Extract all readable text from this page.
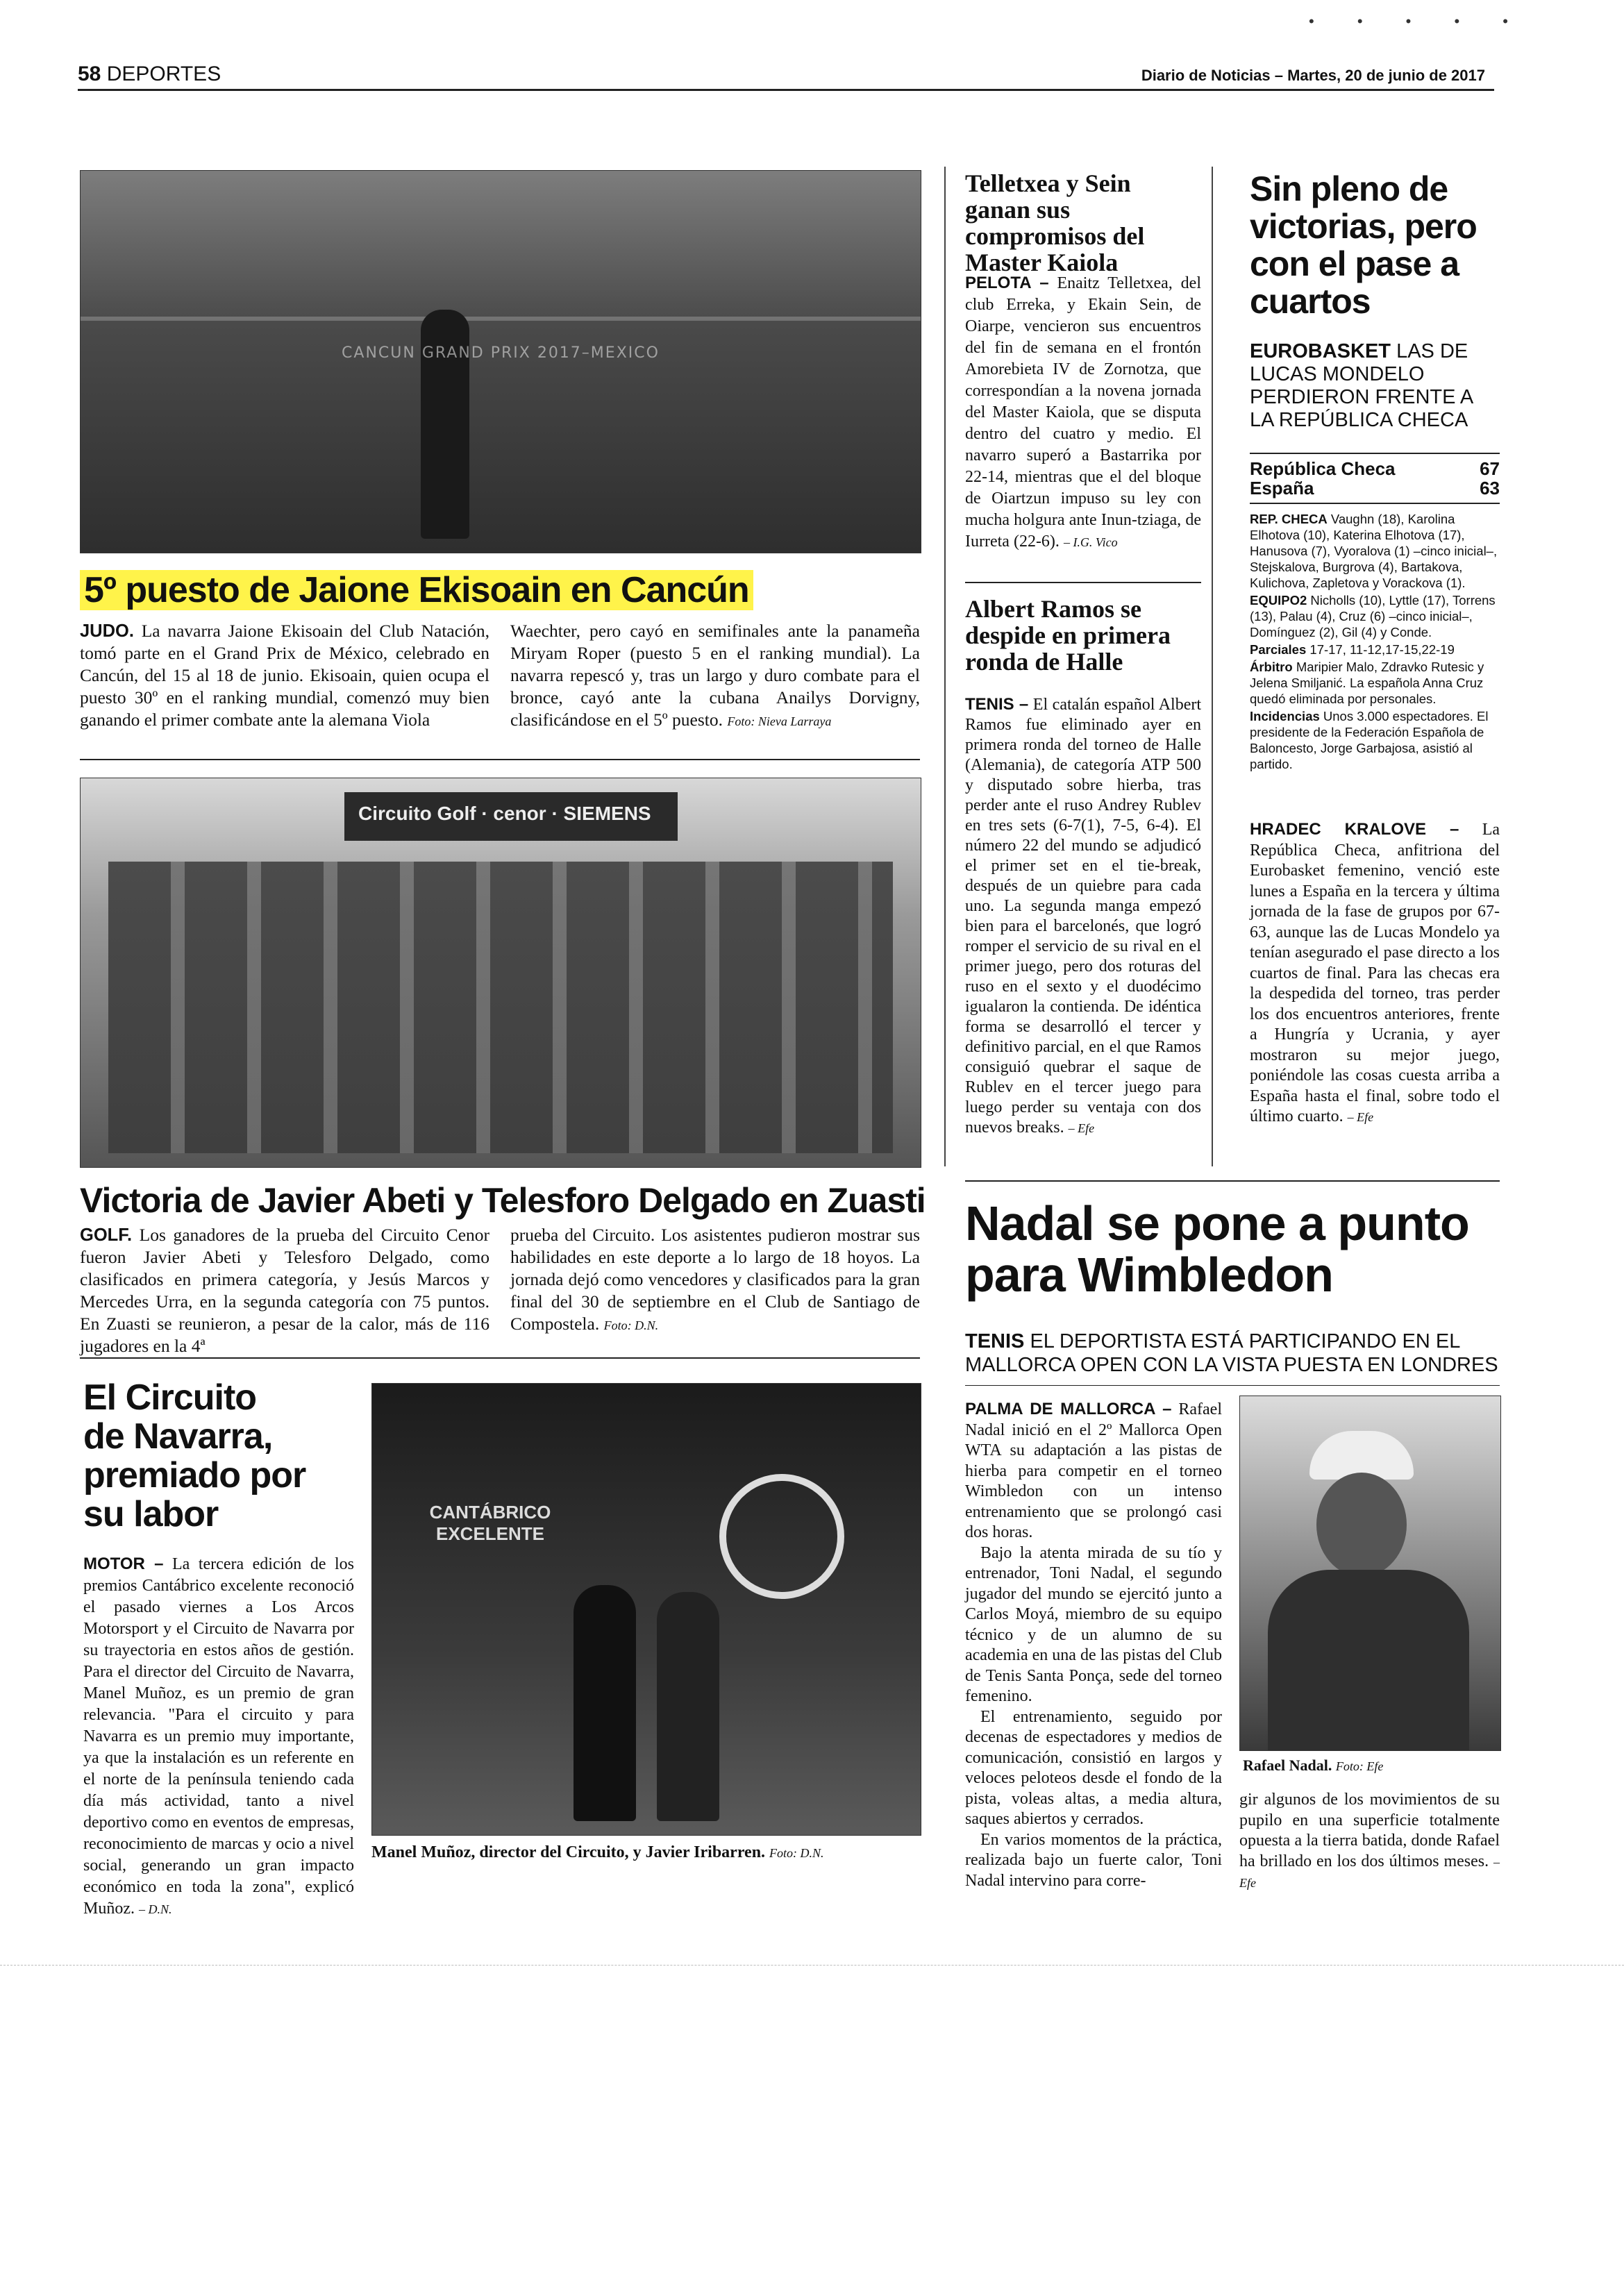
• • • • •
58 DEPORTES	Diario de Noticias – Martes, 20 de junio de 2017
CANCUN GRAND PRIX 2017–MEXICO
5º puesto de Jaione Ekisoain en Cancún
JUDO. La navarra Jaione Ekisoain del Club Natación, tomó parte en el Grand Prix de México, celebrado en Cancún, del 15 al 18 de junio. Ekisoain, quien ocupa el puesto 30º en el ranking mundial, comenzó muy bien ganando el primer combate ante la alemana Viola
Waechter, pero cayó en semifinales ante la panameña Miryam Roper (puesto 5 en el ranking mundial). La navarra repescó y, tras un largo y duro combate para el bronce, cayó ante la cubana Anailys Dorvigny, clasificándose en el 5º puesto. Foto: Nieva Larraya
Circuito Golf · cenor · SIEMENS
Victoria de Javier Abeti y Telesforo Delgado en Zuasti
GOLF. Los ganadores de la prueba del Circuito Cenor fueron Javier Abeti y Telesforo Delgado, como clasificados en primera categoría, y Jesús Marcos y Mercedes Urra, en la segunda categoría con 75 puntos. En Zuasti se reunieron, a pesar de la calor, más de 116 jugadores en la 4ª
prueba del Circuito. Los asistentes pudieron mostrar sus habilidades en este deporte a lo largo de 18 hoyos. La jornada dejó como vencedores y clasificados para la gran final del 30 de septiembre en el Club de Santiago de Compostela. Foto: D.N.
El Circuito
de Navarra,
premiado por
su labor
MOTOR – La tercera edición de los premios Cantábrico excelente reconoció el pasado viernes a Los Arcos Motorsport y el Circuito de Navarra por su trayectoria en estos años de gestión. Para el director del Circuito de Navarra, Manel Muñoz, es un premio de gran relevancia. "Para el circuito y para Navarra es un premio muy importante, ya que la instalación es un referente en el norte de la península teniendo cada día más actividad, tanto a nivel deportivo como en eventos de empresas, reconocimiento de marcas y ocio a nivel social, generando un gran impacto económico en toda la zona", explicó Muñoz. – D.N.
CANTÁBRICO EXCELENTE
Manel Muñoz, director del Circuito, y Javier Iribarren. Foto: D.N.
Telletxea y Sein ganan sus compromisos del Master Kaiola
PELOTA – Enaitz Telletxea, del club Erreka, y Ekain Sein, de Oiarpe, vencieron sus encuentros del fin de semana en el frontón Amorebieta IV de Zornotza, que correspondían a la novena jornada del Master Kaiola, que se disputa dentro del cuatro y medio. El navarro superó a Bastarrika por 22-14, mientras que el del bloque de Oiartzun impuso su ley con mucha holgura ante Inun-tziaga, de Iurreta (22-6). – I.G. Vico
Albert Ramos se despide en primera ronda de Halle
TENIS – El catalán español Albert Ramos fue eliminado ayer en primera ronda del torneo de Halle (Alemania), de categoría ATP 500 y disputado sobre hierba, tras perder ante el ruso Andrey Rublev en tres sets (6-7(1), 7-5, 6-4). El número 22 del mundo se adjudicó el primer set en el tie-break, después de un quiebre para cada uno. La segunda manga empezó bien para el barcelonés, que logró romper el servicio de su rival en el primer juego, pero dos roturas del ruso en el sexto y el duodécimo igualaron la contienda. De idéntica forma se desarrolló el tercer y definitivo parcial, en el que Ramos consiguió quebrar el saque de Rublev en el tercer juego para luego perder su ventaja con dos nuevos breaks. – Efe
Sin pleno de
victorias, pero
con el pase a
cuartos
EUROBASKET LAS DE LUCAS MONDELO PERDIERON FRENTE A LA REPÚBLICA CHECA
República Checa	67
España	63
REP. CHECA Vaughn (18), Karolina Elhotova (10), Katerina Elhotova (17), Hanusova (7), Vyoralova (1) –cinco inicial–, Stejskalova, Burgrova (4), Bartakova, Kulichova, Zapletova y Vorackova (1).
EQUIPO2 Nicholls (10), Lyttle (17), Torrens (13), Palau (4), Cruz (6) –cinco inicial–, Domínguez (2), Gil (4) y Conde.
Parciales 17-17, 11-12,17-15,22-19
Árbitro Maripier Malo, Zdravko Rutesic y Jelena Smiljanić. La española Anna Cruz quedó eliminada por personales.
Incidencias Unos 3.000 espectadores. El presidente de la Federación Española de Baloncesto, Jorge Garbajosa, asistió al partido.
HRADEC KRALOVE – La República Checa, anfitriona del Eurobasket femenino, venció este lunes a España en la tercera y última jornada de la fase de grupos por 67-63, aunque las de Lucas Mondelo ya tenían asegurado el pase directo a los cuartos de final. Para las checas era la despedida del torneo, tras perder los dos encuentros anteriores, frente a Hungría y Ucrania, y ayer mostraron su mejor juego, poniéndole las cosas cuesta arriba a España hasta el final, sobre todo el último cuarto. – Efe
Nadal se pone a punto para Wimbledon
TENIS EL DEPORTISTA ESTÁ PARTICIPANDO EN EL MALLORCA OPEN CON LA VISTA PUESTA EN LONDRES
PALMA DE MALLORCA – Rafael Nadal inició en el 2º Mallorca Open WTA su adaptación a las pistas de hierba para competir en el torneo Wimbledon con un intenso entrenamiento que se prolongó casi dos horas.
Bajo la atenta mirada de su tío y entrenador, Toni Nadal, el segundo jugador del mundo se ejercitó junto a Carlos Moyá, miembro de su equipo técnico y de un alumno de su academia en una de las pistas del Club de Tenis Santa Ponça, sede del torneo femenino.
El entrenamiento, seguido por decenas de espectadores y medios de comunicación, consistió en largos y veloces peloteos desde el fondo de la pista, voleas altas, a media altura, saques abiertos y cerrados.
En varios momentos de la práctica, realizada bajo un fuerte calor, Toni Nadal intervino para corre-
Rafael Nadal. Foto: Efe
gir algunos de los movimientos de su pupilo en una superficie totalmente opuesta a la tierra batida, donde Rafael ha brillado en los dos últimos meses. – Efe
